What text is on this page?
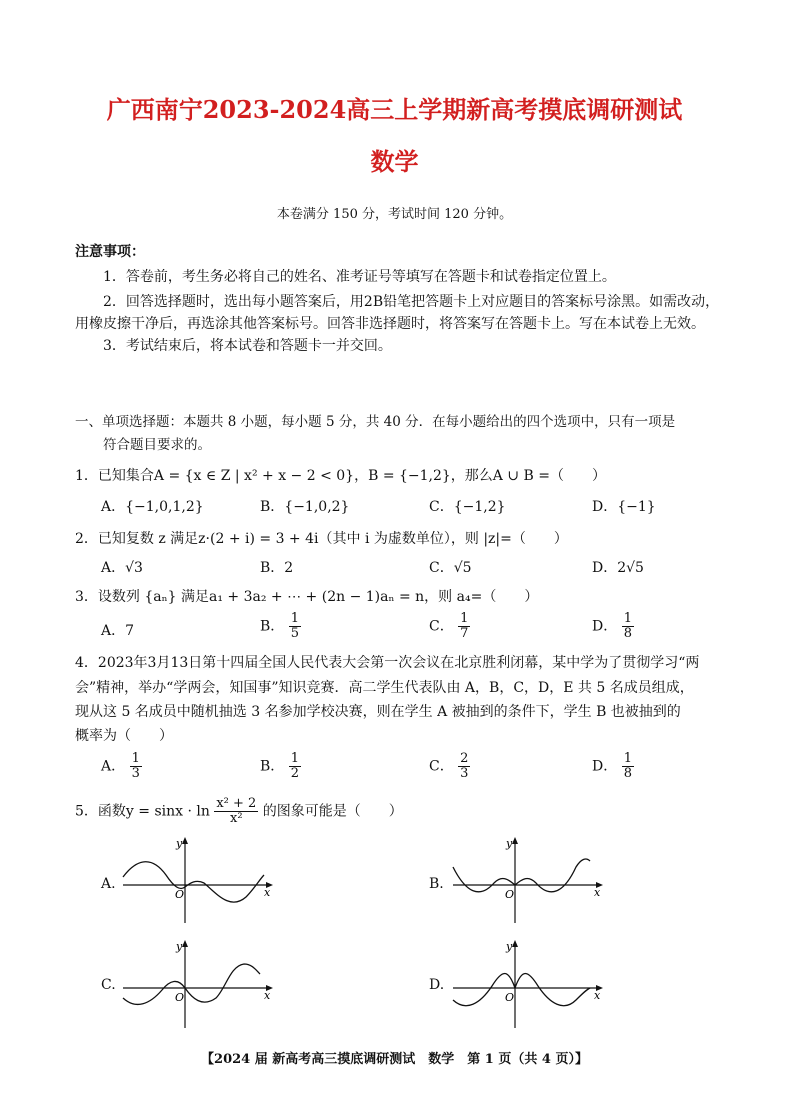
广西南宁2023-2024高三上学期新高考摸底调研测试
数学
本卷满分 150 分，考试时间 120 分钟。
注意事项：
1．答卷前，考生务必将自己的姓名、准考证号等填写在答题卡和试卷指定位置上。
2．回答选择题时，选出每小题答案后，用2B铅笔把答题卡上对应题目的答案标号涂黑。如需改动，
用橡皮擦干净后，再选涂其他答案标号。回答非选择题时，将答案写在答题卡上。写在本试卷上无效。
3．考试结束后，将本试卷和答题卡一并交回。
一、单项选择题：本题共 8 小题，每小题 5 分，共 40 分．在每小题给出的四个选项中，只有一项是
符合题目要求的。
1．已知集合A = {x ∈ Z | x² + x − 2 < 0}，B = {−1,2}，那么A ∪ B =（　　）
A．{−1,0,1,2}	B．{−1,0,2}	C．{−1,2}	D．{−1}
2．已知复数 z 满足z·(2 + i) = 3 + 4i（其中 i 为虚数单位），则 |z|=（　　）
A．√3	B．2	C．√5	D．2√5
3．设数列 {aₙ} 满足a₁ + 3a₂ + ⋯ + (2n − 1)aₙ = n，则 a₄=（　　）
A．7	B． $\frac{1}{5}$	C． $\frac{1}{7}$	D． $\frac{1}{8}$
4．2023年3月13日第十四届全国人民代表大会第一次会议在北京胜利闭幕，某中学为了贯彻学习“两
会”精神，举办“学两会，知国事”知识竞赛．高二学生代表队由 A，B，C，D，E 共 5 名成员组成，
现从这 5 名成员中随机抽选 3 名参加学校决赛，则在学生 A 被抽到的条件下，学生 B 也被抽到的
概率为（　　）
A． $\frac{1}{3}$	B． $\frac{1}{2}$	C． $\frac{2}{3}$	D． $\frac{1}{8}$
5．函数$y = \sin x \cdot \ln \frac{\text{x² + 2}}{\text{x²}}$ 的图象可能是（　　）
A.	B.
C.	D.
y
x
O
y
x
O
y
x
O
y
x
O
【2024 届 新高考高三摸底调研测试　数学　第 1 页（共 4 页）】
